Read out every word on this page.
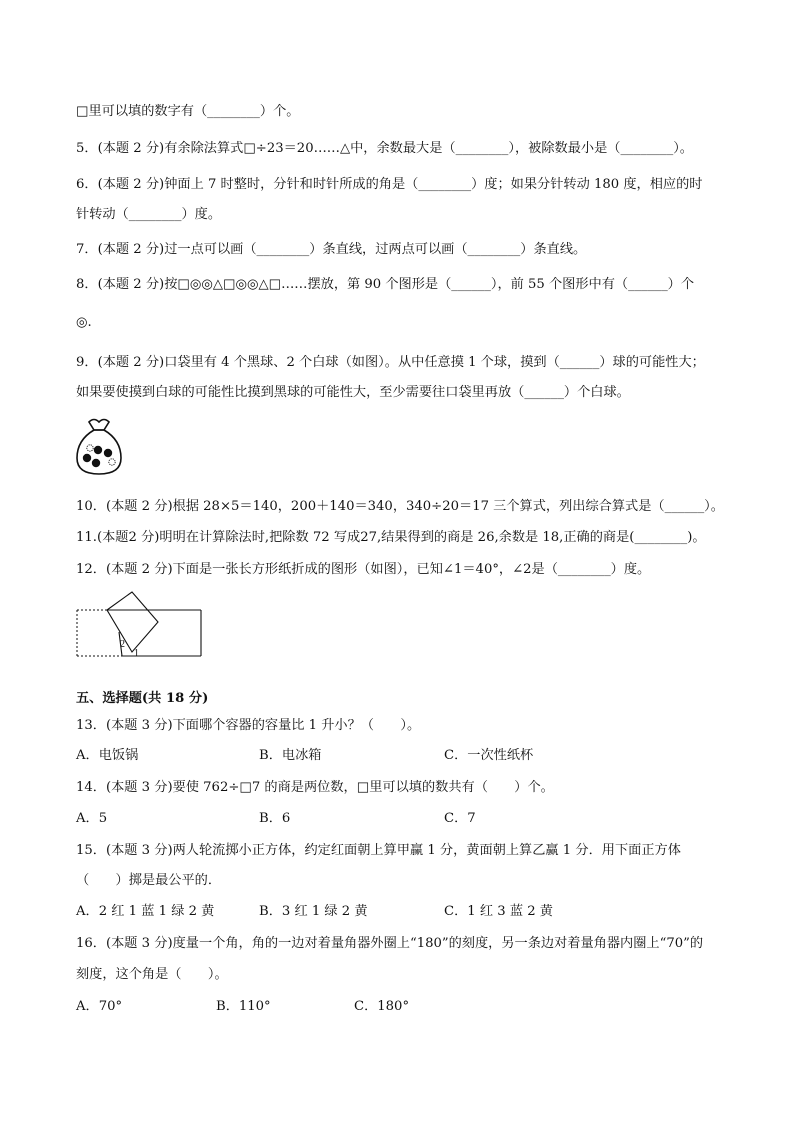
□里可以填的数字有（________）个。
5．(本题 2 分)有余除法算式□÷23＝20……△中，余数最大是（________），被除数最小是（________）。
6．(本题 2 分)钟面上 7 时整时，分针和时针所成的角是（________）度；如果分针转动 180 度，相应的时
针转动（________）度。
7．(本题 2 分)过一点可以画（________）条直线，过两点可以画（________）条直线。
8．(本题 2 分)按□◎◎△□◎◎△□……摆放，第 90 个图形是（______），前 55 个图形中有（______）个
◎.
9．(本题 2 分)口袋里有 4 个黑球、2 个白球（如图）。从中任意摸 1 个球，摸到（______）球的可能性大；
如果要使摸到白球的可能性比摸到黑球的可能性大，至少需要往口袋里再放（______）个白球。
10．(本题 2 分)根据 28×5＝140，200＋140＝340，340÷20＝17 三个算式，列出综合算式是（______）。
11.(本题2 分)明明在计算除法时,把除数 72 写成27,结果得到的商是 26,余数是 18,正确的商是(________)。
12．(本题 2 分)下面是一张长方形纸折成的图形（如图），已知∠1＝40°，∠2是（________）度。
2
1
五、选择题(共 18 分)
13．(本题 3 分)下面哪个容器的容量比 1 升小？（　　）。
A．电饭锅	B．电冰箱	C．一次性纸杯
14．(本题 3 分)要使 762÷□7 的商是两位数，□里可以填的数共有（　　）个。
A．5	B．6	C．7
15．(本题 3 分)两人轮流掷小正方体，约定红面朝上算甲赢 1 分，黄面朝上算乙赢 1 分．用下面正方体
（　　）掷是最公平的．
A．2 红 1 蓝 1 绿 2 黄	B．3 红 1 绿 2 黄	C．1 红 3 蓝 2 黄
16．(本题 3 分)度量一个角，角的一边对着量角器外圈上“180”的刻度，另一条边对着量角器内圈上“70”的
刻度，这个角是（　　）。
A．70°	B．110°	C．180°
